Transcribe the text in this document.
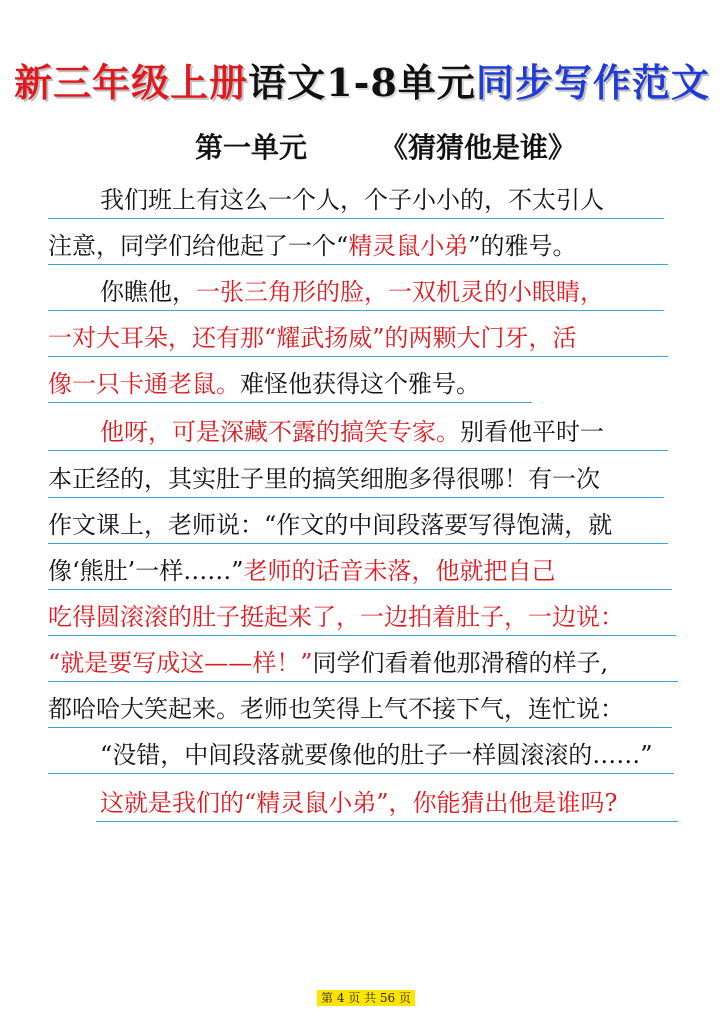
新三年级上册语文1-8单元同步写作范文
第一单元	《猜猜他是谁》
我们班上有这么一个人，个子小小的，不太引人
注意，同学们给他起了一个“精灵鼠小弟”的雅号。
你瞧他，一张三角形的脸，一双机灵的小眼睛，
一对大耳朵，还有那“耀武扬威”的两颗大门牙，活
像一只卡通老鼠。难怪他获得这个雅号。
他呀，可是深藏不露的搞笑专家。别看他平时一
本正经的，其实肚子里的搞笑细胞多得很哪！有一次
作文课上，老师说：“作文的中间段落要写得饱满，就
像‘熊肚’一样……”老师的话音未落，他就把自己
吃得圆滚滚的肚子挺起来了，一边拍着肚子，一边说：
“就是要写成这——样！”同学们看着他那滑稽的样子,
都哈哈大笑起来。老师也笑得上气不接下气，连忙说：
“没错，中间段落就要像他的肚子一样圆滚滚的……”
这就是我们的“精灵鼠小弟”，你能猜出他是谁吗?
第 4 页 共 56 页
